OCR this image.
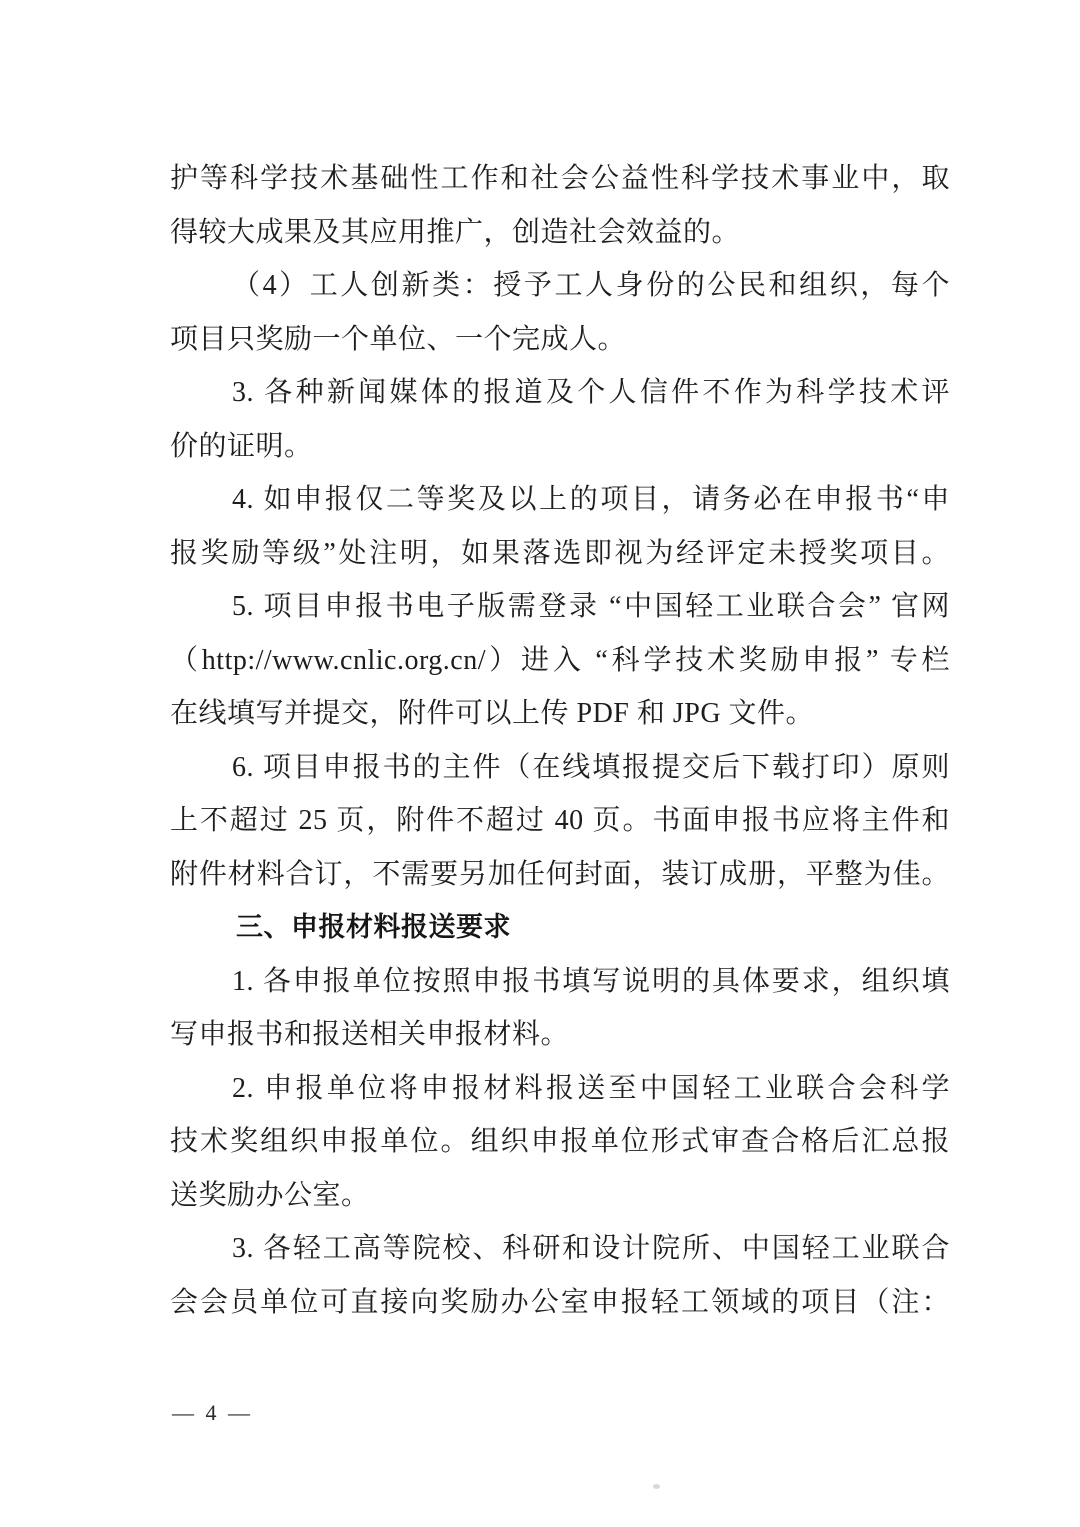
护等科学技术基础性工作和社会公益性科学技术事业中，取
得较大成果及其应用推广，创造社会效益的。
（4）工人创新类：授予工人身份的公民和组织，每个
项目只奖励一个单位、一个完成人。
3. 各种新闻媒体的报道及个人信件不作为科学技术评
价的证明。
4. 如申报仅二等奖及以上的项目，请务必在申报书“申
报奖励等级”处注明，如果落选即视为经评定未授奖项目。
5. 项目申报书电子版需登录 “中国轻工业联合会” 官网
（http://www.cnlic.org.cn/）进入 “科学技术奖励申报” 专栏
在线填写并提交，附件可以上传 PDF 和 JPG 文件。
6. 项目申报书的主件（在线填报提交后下载打印）原则
上不超过 25 页，附件不超过 40 页。书面申报书应将主件和
附件材料合订，不需要另加任何封面，装订成册，平整为佳。
三、申报材料报送要求
1. 各申报单位按照申报书填写说明的具体要求，组织填
写申报书和报送相关申报材料。
2. 申报单位将申报材料报送至中国轻工业联合会科学
技术奖组织申报单位。组织申报单位形式审查合格后汇总报
送奖励办公室。
3. 各轻工高等院校、科研和设计院所、中国轻工业联合
会会员单位可直接向奖励办公室申报轻工领域的项目（注：
— 4 —
